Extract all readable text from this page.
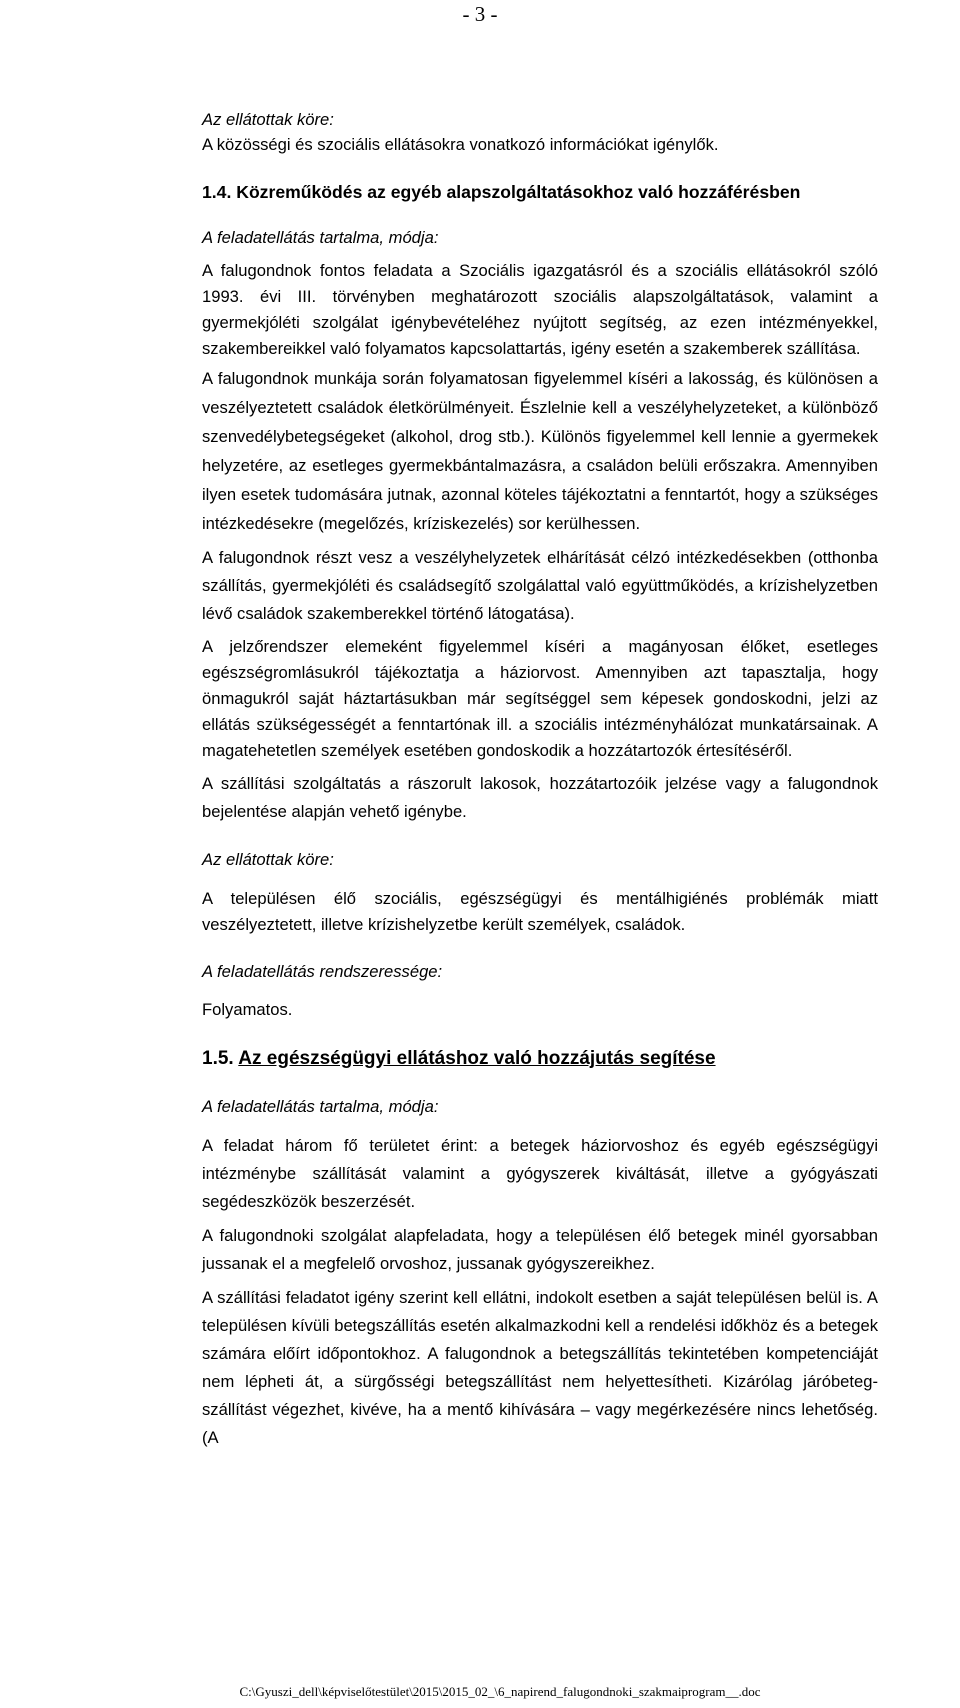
- 3 -

Az ellátottak köre:

A közösségi és szociális ellátásokra vonatkozó információkat igénylők.

1.4. Közreműködés az egyéb alapszolgáltatásokhoz való hozzáférésben

A feladatellátás tartalma, módja:

A falugondnok fontos feladata a Szociális igazgatásról és a szociális ellátásokról szóló 1993. évi III. törvényben meghatározott szociális alapszolgáltatások, valamint a gyermekjóléti szolgálat igénybevételéhez nyújtott segítség, az ezen intézményekkel, szakembereikkel való folyamatos kapcsolattartás, igény esetén a szakemberek szállítása.

A falugondnok munkája során folyamatosan figyelemmel kíséri a lakosság, és különösen a veszélyeztetett családok életkörülményeit. Észlelnie kell a veszélyhelyzeteket, a különböző szenvedélybetegségeket (alkohol, drog stb.). Különös figyelemmel kell lennie a gyermekek helyzetére, az esetleges gyermekbántalmazásra, a családon belüli erőszakra. Amennyiben ilyen esetek tudomására jutnak, azonnal köteles tájékoztatni a fenntartót, hogy a szükséges intézkedésekre (megelőzés, kríziskezelés) sor kerülhessen.

A falugondnok részt vesz a veszélyhelyzetek elhárítását célzó intézkedésekben (otthonba szállítás, gyermekjóléti és családsegítő szolgálattal való együttműködés, a krízishelyzetben lévő családok szakemberekkel történő látogatása).

A jelzőrendszer elemeként figyelemmel kíséri a magányosan élőket, esetleges egészségromlásukról tájékoztatja a háziorvost. Amennyiben azt tapasztalja, hogy önmagukról saját háztartásukban már segítséggel sem képesek gondoskodni, jelzi az ellátás szükségességét a fenntartónak ill. a szociális intézményhálózat munkatársainak. A magatehetetlen személyek esetében gondoskodik a hozzátartozók értesítéséről.

A szállítási szolgáltatás a rászorult lakosok, hozzátartozóik jelzése vagy a falugondnok bejelentése alapján vehető igénybe.

Az ellátottak köre:

A településen élő szociális, egészségügyi és mentálhigiénés problémák miatt veszélyeztetett, illetve krízishelyzetbe került személyek, családok.

A feladatellátás rendszeressége:

Folyamatos.

1.5. Az egészségügyi ellátáshoz való hozzájutás segítése

A feladatellátás tartalma, módja:

A feladat három fő területet érint: a betegek háziorvoshoz és egyéb egészségügyi intézménybe szállítását valamint a gyógyszerek kiváltását, illetve a gyógyászati segédeszközök beszerzését.

A falugondnoki szolgálat alapfeladata, hogy a településen élő betegek minél gyorsabban jussanak el a megfelelő orvoshoz, jussanak gyógyszereikhez.

A szállítási feladatot igény szerint kell ellátni, indokolt esetben a saját településen belül is. A településen kívüli betegszállítás esetén alkalmazkodni kell a rendelési időkhöz és a betegek számára előírt időpontokhoz. A falugondnok a betegszállítás tekintetében kompetenciáját nem lépheti át, a sürgősségi betegszállítást nem helyettesítheti. Kizárólag járóbeteg-szállítást végezhet, kivéve, ha a mentő kihívására – vagy megérkezésére nincs lehetőség. (A

C:\Gyuszi_dell\képviselőtestület\2015\2015_02_\6_napirend_falugondnoki_szakmaiprogram__.doc
